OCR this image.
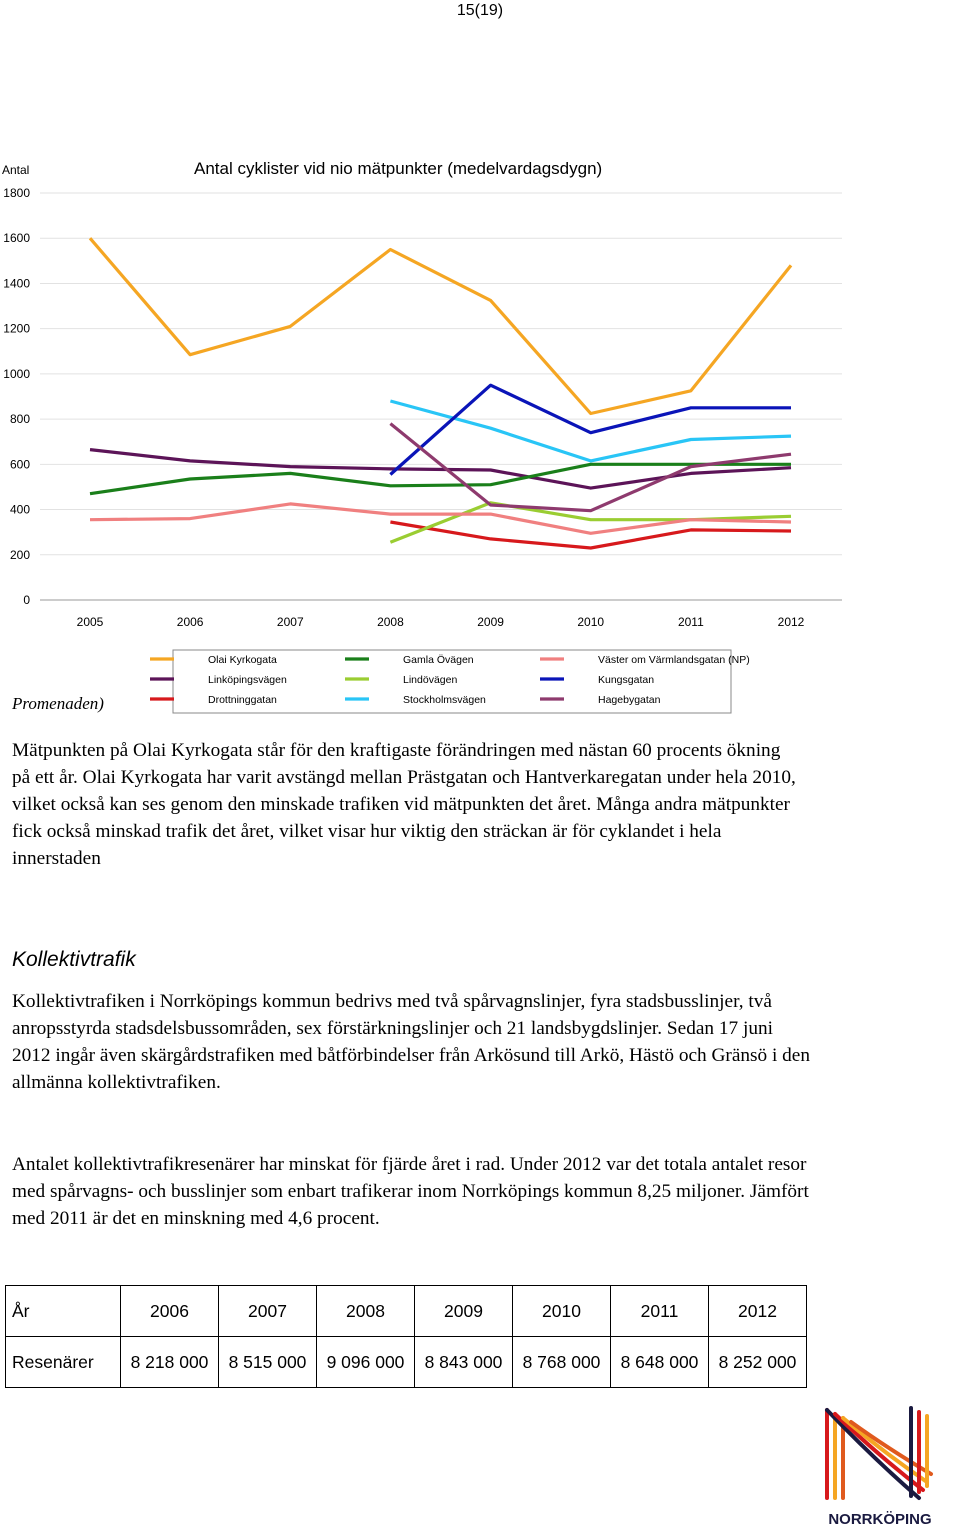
15(19)
Antal	Antal cyklister vid nio mätpunkter (medelvardagsdygn)
0
200
400
600
800
1000
1200
1400
1600
1800
2005	2006	2007	2008	2009	2010	2011	2012
Olai Kyrkogata
Linköpingsvägen
Drottninggatan
Gamla Övägen
Lindövägen
Stockholmsvägen
Väster om Värmlandsgatan (NP)
Kungsgatan
Hagebygatan
Promenaden)

Mätpunkten på Olai Kyrkogata står för den kraftigaste förändringen med nästan 60 procents ökning på ett år. Olai Kyrkogata har varit avstängd mellan Prästgatan och Hantverkaregatan under hela 2010, vilket också kan ses genom den minskade trafiken vid mätpunkten det året. Många andra mätpunkter fick också minskad trafik det året, vilket visar hur viktig den sträckan är för cyklandet i hela innerstaden

Kollektivtrafik

Kollektivtrafiken i Norrköpings kommun bedrivs med två spårvagnslinjer, fyra stadsbusslinjer, två anropsstyrda stadsdelsbussområden, sex förstärkningslinjer och 21 landsbygdslinjer. Sedan 17 juni 2012 ingår även skärgårdstrafiken med båtförbindelser från Arkösund till Arkö, Hästö och Gränsö i den allmänna kollektivtrafiken.

Antalet kollektivtrafikresenärer har minskat för fjärde året i rad. Under 2012 var det totala antalet resor med spårvagns- och busslinjer som enbart trafikerar inom Norrköpings kommun 8,25 miljoner. Jämfört med 2011 är det en minskning med 4,6 procent.

År	2006	2007	2008	2009	2010	2011	2012
Resenärer	8 218 000	8 515 000	9 096 000	8 843 000	8 768 000	8 648 000	8 252 000
NORRKÖPING
